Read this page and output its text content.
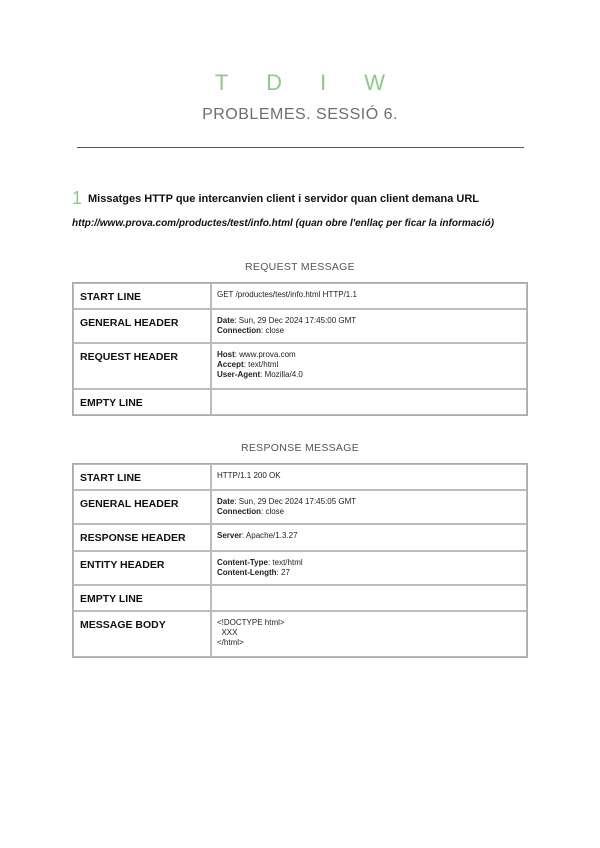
T D I W
PROBLEMES. SESSIÓ 6.
1 Missatges HTTP que intercanvien client i servidor quan client demana URL
http://www.prova.com/productes/test/info.html (quan obre l'enllaç per ficar la informació)
REQUEST MESSAGE
START LINE	GET /productes/test/info.html HTTP/1.1
GENERAL HEADER	Date: Sun, 29 Dec 2024 17:45:00 GMT
Connection: close

REQUEST HEADER	Host: www.prova.com
Accept: text/html
User-Agent: Mozilla/4.0

EMPTY LINE	
RESPONSE MESSAGE
START LINE	HTTP/1.1 200 OK
GENERAL HEADER	Date: Sun, 29 Dec 2024 17:45:05 GMT
Connection: close

RESPONSE HEADER	Server: Apache/1.3.27

ENTITY HEADER	Content-Type: text/html
Content-Length: 27

EMPTY LINE	
MESSAGE BODY	<!DOCTYPE html>
XXX
</html>
